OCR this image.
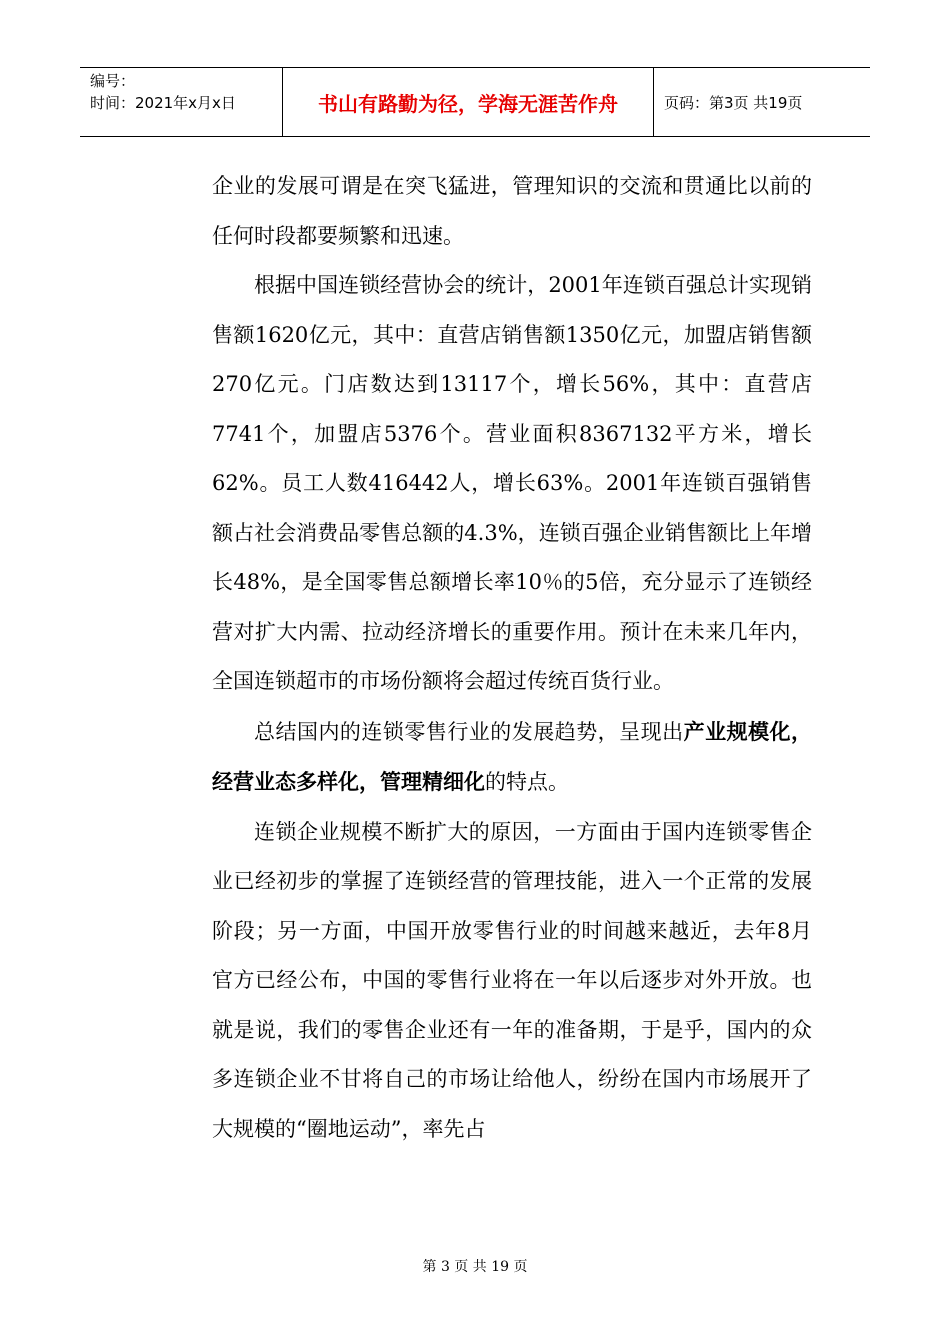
编号：
时间：2021年x月x日	书山有路勤为径，学海无涯苦作舟	页码：第3页 共19页

企业的发展可谓是在突飞猛进，管理知识的交流和贯通比以前的任何时段都要频繁和迅速。

根据中国连锁经营协会的统计，2001年连锁百强总计实现销售额1620亿元，其中：直营店销售额1350亿元，加盟店销售额270亿元。门店数达到13117个，增长56%，其中：直营店7741个，加盟店5376个。营业面积8367132平方米，增长62%。员工人数416442人，增长63%。2001年连锁百强销售额占社会消费品零售总额的4.3%，连锁百强企业销售额比上年增长48%，是全国零售总额增长率10％的5倍，充分显示了连锁经营对扩大内需、拉动经济增长的重要作用。预计在未来几年内，全国连锁超市的市场份额将会超过传统百货行业。

总结国内的连锁零售行业的发展趋势，呈现出产业规模化，经营业态多样化，管理精细化的特点。

连锁企业规模不断扩大的原因，一方面由于国内连锁零售企业已经初步的掌握了连锁经营的管理技能，进入一个正常的发展阶段；另一方面，中国开放零售行业的时间越来越近，去年8月官方已经公布，中国的零售行业将在一年以后逐步对外开放。也就是说，我们的零售企业还有一年的准备期，于是乎，国内的众多连锁企业不甘将自己的市场让给他人，纷纷在国内市场展开了大规模的“圈地运动”，率先占

第 3 页 共 19 页
